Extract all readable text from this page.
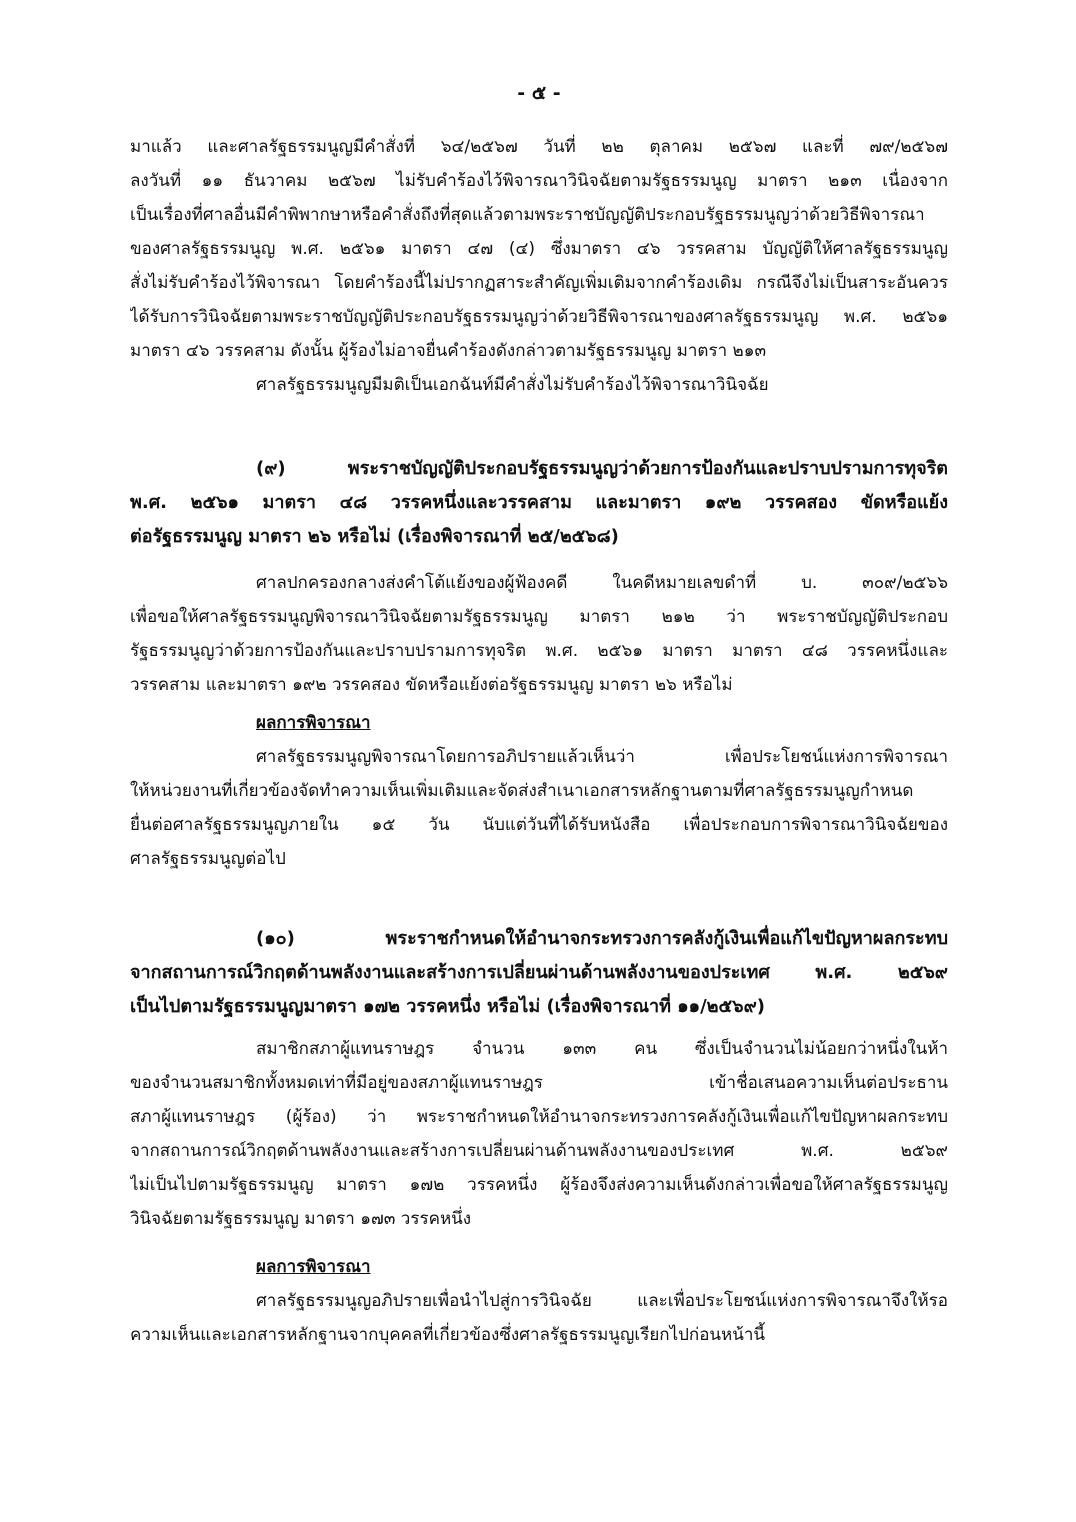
- ๕ -
มาแล้ว และศาลรัฐธรรมนูญมีคำสั่งที่ ๖๔/๒๕๖๗ วันที่ ๒๒ ตุลาคม ๒๕๖๗ และที่ ๗๙/๒๕๖๗
ลงวันที่ ๑๑ ธันวาคม ๒๕๖๗ ไม่รับคำร้องไว้พิจารณาวินิจฉัยตามรัฐธรรมนูญ มาตรา ๒๑๓ เนื่องจาก
เป็นเรื่องที่ศาลอื่นมีคำพิพากษาหรือคำสั่งถึงที่สุดแล้วตามพระราชบัญญัติประกอบรัฐธรรมนูญว่าด้วยวิธีพิจารณา
ของศาลรัฐธรรมนูญ พ.ศ. ๒๕๖๑ มาตรา ๔๗ (๔) ซึ่งมาตรา ๔๖ วรรคสาม บัญญัติให้ศาลรัฐธรรมนูญ
สั่งไม่รับคำร้องไว้พิจารณา โดยคำร้องนี้ไม่ปรากฏสาระสำคัญเพิ่มเติมจากคำร้องเดิม กรณีจึงไม่เป็นสาระอันควร
ได้รับการวินิจฉัยตามพระราชบัญญัติประกอบรัฐธรรมนูญว่าด้วยวิธีพิจารณาของศาลรัฐธรรมนูญ พ.ศ. ๒๕๖๑
มาตรา ๔๖ วรรคสาม ดังนั้น ผู้ร้องไม่อาจยื่นคำร้องดังกล่าวตามรัฐธรรมนูญ มาตรา ๒๑๓
ศาลรัฐธรรมนูญมีมติเป็นเอกฉันท์มีคำสั่งไม่รับคำร้องไว้พิจารณาวินิจฉัย
(๙) พระราชบัญญัติประกอบรัฐธรรมนูญว่าด้วยการป้องกันและปราบปรามการทุจริต
พ.ศ. ๒๕๖๑ มาตรา ๔๘ วรรคหนึ่งและวรรคสาม และมาตรา ๑๙๒ วรรคสอง ขัดหรือแย้ง
ต่อรัฐธรรมนูญ มาตรา ๒๖ หรือไม่ (เรื่องพิจารณาที่ ๒๕/๒๕๖๘)
ศาลปกครองกลางส่งคำโต้แย้งของผู้ฟ้องคดี ในคดีหมายเลขดำที่ บ. ๓๐๙/๒๕๖๖
เพื่อขอให้ศาลรัฐธรรมนูญพิจารณาวินิจฉัยตามรัฐธรรมนูญ มาตรา ๒๑๒ ว่า พระราชบัญญัติประกอบ
รัฐธรรมนูญว่าด้วยการป้องกันและปราบปรามการทุจริต พ.ศ. ๒๕๖๑ มาตรา มาตรา ๔๘ วรรคหนึ่งและ
วรรคสาม และมาตรา ๑๙๒ วรรคสอง ขัดหรือแย้งต่อรัฐธรรมนูญ มาตรา ๒๖ หรือไม่
ผลการพิจารณา
ศาลรัฐธรรมนูญพิจารณาโดยการอภิปรายแล้วเห็นว่า เพื่อประโยชน์แห่งการพิจารณา
ให้หน่วยงานที่เกี่ยวข้องจัดทำความเห็นเพิ่มเติมและจัดส่งสำเนาเอกสารหลักฐานตามที่ศาลรัฐธรรมนูญกำหนด
ยื่นต่อศาลรัฐธรรมนูญภายใน ๑๕ วัน นับแต่วันที่ได้รับหนังสือ เพื่อประกอบการพิจารณาวินิจฉัยของ
ศาลรัฐธรรมนูญต่อไป
(๑๐) พระราชกำหนดให้อำนาจกระทรวงการคลังกู้เงินเพื่อแก้ไขปัญหาผลกระทบ
จากสถานการณ์วิกฤตด้านพลังงานและสร้างการเปลี่ยนผ่านด้านพลังงานของประเทศ พ.ศ. ๒๕๖๙
เป็นไปตามรัฐธรรมนูญมาตรา ๑๗๒ วรรคหนึ่ง หรือไม่ (เรื่องพิจารณาที่ ๑๑/๒๕๖๙)
สมาชิกสภาผู้แทนราษฎร จำนวน ๑๓๓ คน ซึ่งเป็นจำนวนไม่น้อยกว่าหนึ่งในห้า
ของจำนวนสมาชิกทั้งหมดเท่าที่มีอยู่ของสภาผู้แทนราษฎร เข้าชื่อเสนอความเห็นต่อประธาน
สภาผู้แทนราษฎร (ผู้ร้อง) ว่า พระราชกำหนดให้อำนาจกระทรวงการคลังกู้เงินเพื่อแก้ไขปัญหาผลกระทบ
จากสถานการณ์วิกฤตด้านพลังงานและสร้างการเปลี่ยนผ่านด้านพลังงานของประเทศ พ.ศ. ๒๕๖๙
ไม่เป็นไปตามรัฐธรรมนูญ มาตรา ๑๗๒ วรรคหนึ่ง ผู้ร้องจึงส่งความเห็นดังกล่าวเพื่อขอให้ศาลรัฐธรรมนูญ
วินิจฉัยตามรัฐธรรมนูญ มาตรา ๑๗๓ วรรคหนึ่ง
ผลการพิจารณา
ศาลรัฐธรรมนูญอภิปรายเพื่อนำไปสู่การวินิจฉัย และเพื่อประโยชน์แห่งการพิจารณาจึงให้รอ
ความเห็นและเอกสารหลักฐานจากบุคคลที่เกี่ยวข้องซึ่งศาลรัฐธรรมนูญเรียกไปก่อนหน้านี้
